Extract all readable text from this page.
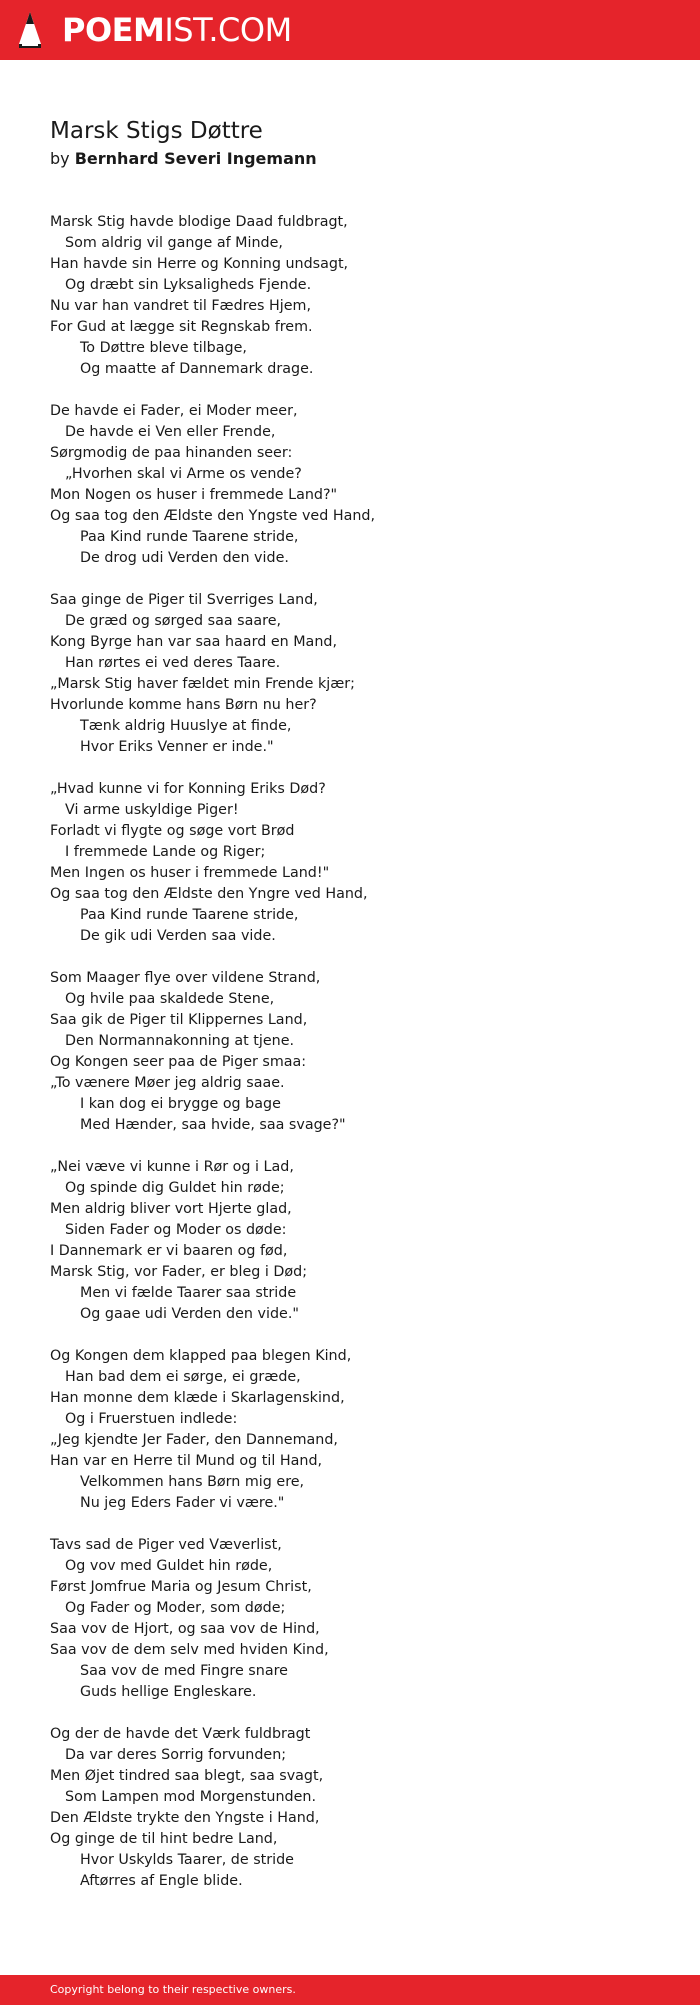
POEMIST.COM
Marsk Stigs Døttre
by Bernhard Severi Ingemann
Marsk Stig havde blodige Daad fuldbragt,
Som aldrig vil gange af Minde,
Han havde sin Herre og Konning undsagt,
Og dræbt sin Lyksaligheds Fjende.
Nu var han vandret til Fædres Hjem,
For Gud at lægge sit Regnskab frem.
To Døttre bleve tilbage,
Og maatte af Dannemark drage.
De havde ei Fader, ei Moder meer,
De havde ei Ven eller Frende,
Sørgmodig de paa hinanden seer:
„Hvorhen skal vi Arme os vende?
Mon Nogen os huser i fremmede Land?"
Og saa tog den Ældste den Yngste ved Hand,
Paa Kind runde Taarene stride,
De drog udi Verden den vide.
Saa ginge de Piger til Sverriges Land,
De græd og sørged saa saare,
Kong Byrge han var saa haard en Mand,
Han rørtes ei ved deres Taare.
„Marsk Stig haver fældet min Frende kjær;
Hvorlunde komme hans Børn nu her?
Tænk aldrig Huuslye at finde,
Hvor Eriks Venner er inde."
„Hvad kunne vi for Konning Eriks Død?
Vi arme uskyldige Piger!
Forladt vi flygte og søge vort Brød
I fremmede Lande og Riger;
Men Ingen os huser i fremmede Land!"
Og saa tog den Ældste den Yngre ved Hand,
Paa Kind runde Taarene stride,
De gik udi Verden saa vide.
Som Maager flye over vildene Strand,
Og hvile paa skaldede Stene,
Saa gik de Piger til Klippernes Land,
Den Normannakonning at tjene.
Og Kongen seer paa de Piger smaa:
„To vænere Møer jeg aldrig saae.
I kan dog ei brygge og bage
Med Hænder, saa hvide, saa svage?"
„Nei væve vi kunne i Rør og i Lad,
Og spinde dig Guldet hin røde;
Men aldrig bliver vort Hjerte glad,
Siden Fader og Moder os døde:
I Dannemark er vi baaren og fød,
Marsk Stig, vor Fader, er bleg i Død;
Men vi fælde Taarer saa stride
Og gaae udi Verden den vide."
Og Kongen dem klapped paa blegen Kind,
Han bad dem ei sørge, ei græde,
Han monne dem klæde i Skarlagenskind,
Og i Fruerstuen indlede:
„Jeg kjendte Jer Fader, den Dannemand,
Han var en Herre til Mund og til Hand,
Velkommen hans Børn mig ere,
Nu jeg Eders Fader vi være."
Tavs sad de Piger ved Væverlist,
Og vov med Guldet hin røde,
Først Jomfrue Maria og Jesum Christ,
Og Fader og Moder, som døde;
Saa vov de Hjort, og saa vov de Hind,
Saa vov de dem selv med hviden Kind,
Saa vov de med Fingre snare
Guds hellige Engleskare.
Og der de havde det Værk fuldbragt
Da var deres Sorrig forvunden;
Men Øjet tindred saa blegt, saa svagt,
Som Lampen mod Morgenstunden.
Den Ældste trykte den Yngste i Hand,
Og ginge de til hint bedre Land,
Hvor Uskylds Taarer, de stride
Aftørres af Engle blide.
Copyright belong to their respective owners.
